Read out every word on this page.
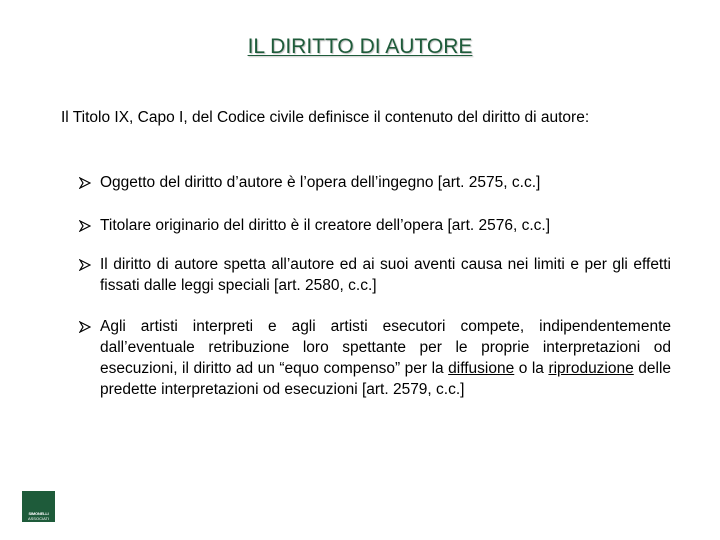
IL DIRITTO DI AUTORE
Il Titolo IX, Capo I, del Codice civile definisce il contenuto del diritto di autore:
Oggetto del diritto d’autore è l’opera dell’ingegno [art. 2575, c.c.]
Titolare originario del diritto è il creatore dell’opera [art. 2576, c.c.]
Il diritto di autore spetta all’autore ed ai suoi aventi causa nei limiti e per gli effetti fissati dalle leggi speciali [art. 2580, c.c.]
Agli artisti interpreti e agli artisti esecutori compete, indipendentemente dall’eventuale retribuzione loro spettante per le proprie interpretazioni od esecuzioni, il diritto ad un “equo compenso” per la diffusione o la riproduzione delle predette interpretazioni od esecuzioni [art. 2579, c.c.]
SIMONELLI
ASSOCIATI
